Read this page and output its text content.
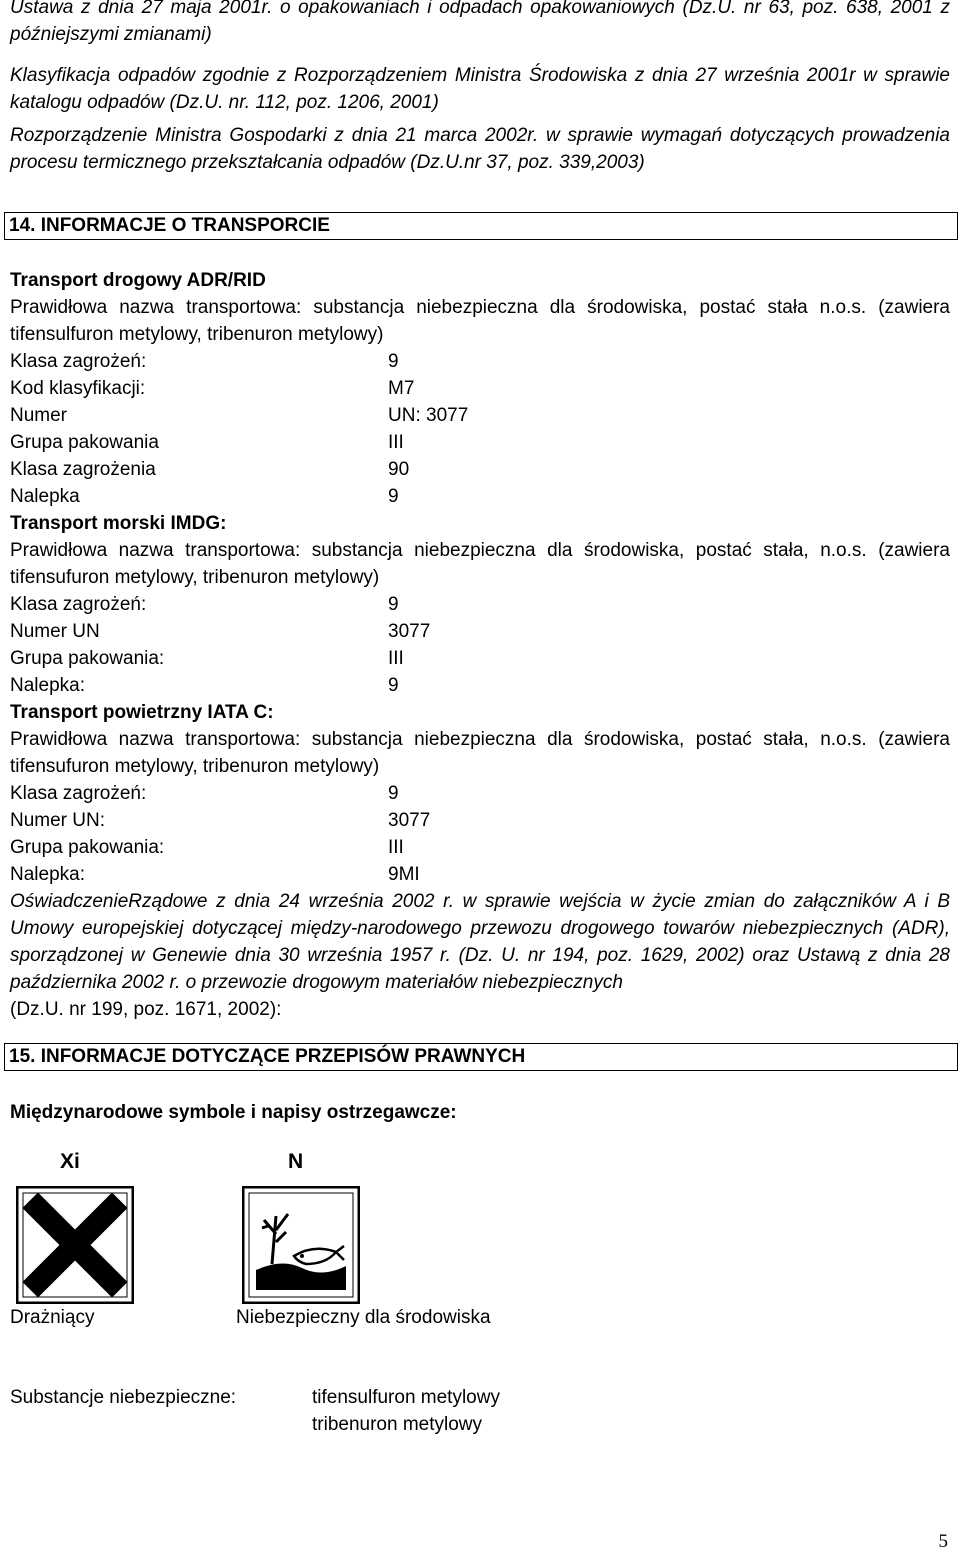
Ustawa z dnia 27 maja 2001r. o opakowaniach i odpadach opakowaniowych (Dz.U. nr 63, poz. 638, 2001 z późniejszymi zmianami)

Klasyfikacja odpadów zgodnie z Rozporządzeniem Ministra Środowiska z dnia 27 września 2001r w sprawie katalogu odpadów (Dz.U. nr. 112, poz. 1206, 2001)

Rozporządzenie Ministra Gospodarki z dnia 21 marca 2002r. w sprawie wymagań dotyczących prowadzenia procesu termicznego przekształcania odpadów (Dz.U.nr 37, poz. 339,2003)

14. INFORMACJE O TRANSPORCIE

Transport drogowy ADR/RID

Prawidłowa nazwa transportowa: substancja niebezpieczna dla środowiska, postać stała n.o.s. (zawiera tifensulfuron metylowy, tribenuron metylowy)

Klasa zagrożeń:	9
Kod klasyfikacji:	M7
Numer	UN: 3077
Grupa pakowania	III
Klasa zagrożenia	90
Nalepka	9

Transport morski IMDG:

Prawidłowa nazwa transportowa: substancja niebezpieczna dla środowiska, postać stała, n.o.s. (zawiera tifensufuron metylowy, tribenuron metylowy)

Klasa zagrożeń:	9
Numer UN	3077
Grupa pakowania:	III
Nalepka:	9

Transport powietrzny IATA C:

Prawidłowa nazwa transportowa: substancja niebezpieczna dla środowiska, postać stała, n.o.s. (zawiera tifensufuron metylowy, tribenuron metylowy)

Klasa zagrożeń:	9
Numer UN:	3077
Grupa pakowania:	III
Nalepka:	9MI

OświadczenieRządowe z dnia 24 września 2002 r. w sprawie wejścia w życie zmian do załączników A i B Umowy europejskiej dotyczącej między-narodowego przewozu drogowego towarów niebezpiecznych (ADR), sporządzonej w Genewie dnia 30 września 1957 r. (Dz. U. nr 194, poz. 1629, 2002) oraz Ustawą z dnia 28 października 2002 r. o przewozie drogowym materiałów niebezpiecznych

(Dz.U. nr 199, poz. 1671, 2002):

15. INFORMACJE DOTYCZĄCE PRZEPISÓW PRAWNYCH

Międzynarodowe symbole i napisy ostrzegawcze:

Xi	N
Drażniący	Niebezpieczny dla środowiska
Substancje niebezpieczne:	tifensulfuron metylowy

tribenuron metylowy

5
